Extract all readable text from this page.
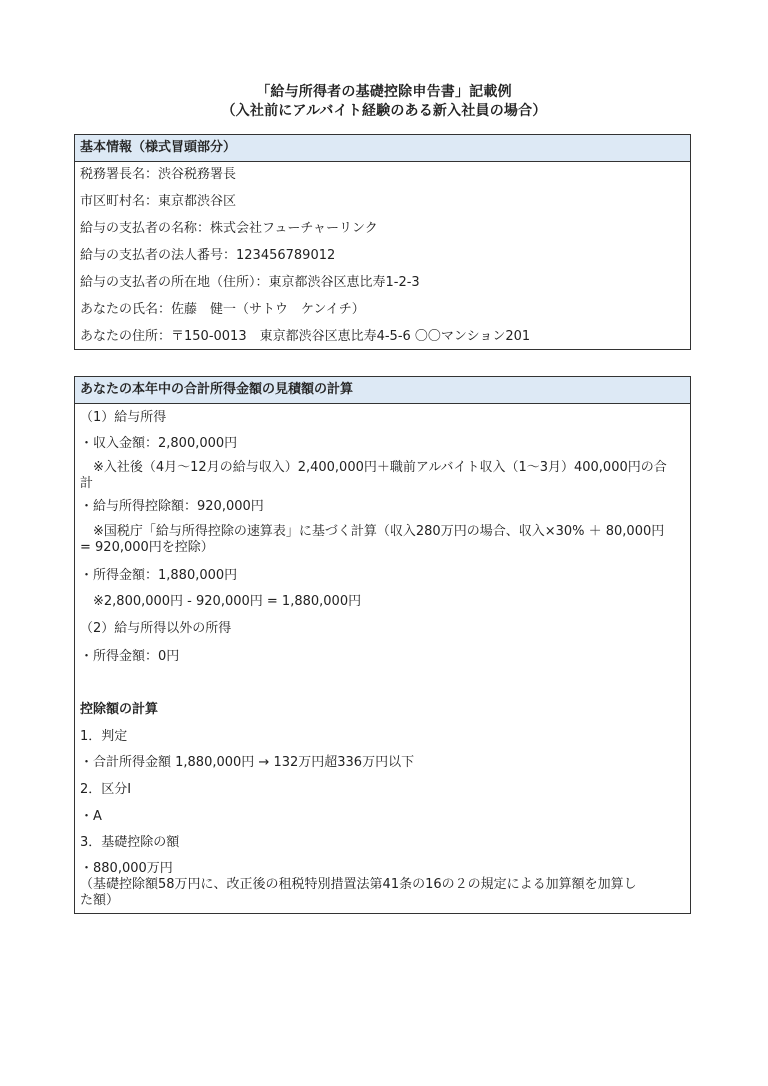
「給与所得者の基礎控除申告書」記載例
（入社前にアルバイト経験のある新入社員の場合）
基本情報（様式冒頭部分）
税務署長名：渋谷税務署長
市区町村名：東京都渋谷区
給与の支払者の名称：株式会社フューチャーリンク
給与の支払者の法人番号：123456789012
給与の支払者の所在地（住所）：東京都渋谷区恵比寿1-2-3
あなたの氏名：佐藤　健一（サトウ　ケンイチ）
あなたの住所：〒150-0013　東京都渋谷区恵比寿4-5-6 〇〇マンション201
あなたの本年中の合計所得金額の見積額の計算
（1）給与所得
・収入金額：2,800,000円
　※入社後（4月～12月の給与収入）2,400,000円＋職前アルバイト収入（1～3月）400,000円の合計
・給与所得控除額：920,000円
　※国税庁「給与所得控除の速算表」に基づく計算（収入280万円の場合、収入×30% ＋ 80,000円 = 920,000円を控除）
・所得金額：1,880,000円
　※2,800,000円 - 920,000円 = 1,880,000円
（2）給与所得以外の所得
・所得金額：0円
控除額の計算
1．判定
・合計所得金額 1,880,000円 → 132万円超336万円以下
2．区分Ⅰ
・A
3．基礎控除の額
・880,000万円
（基礎控除額58万円に、改正後の租税特別措置法第41条の16の２の規定による加算額を加算した額）
